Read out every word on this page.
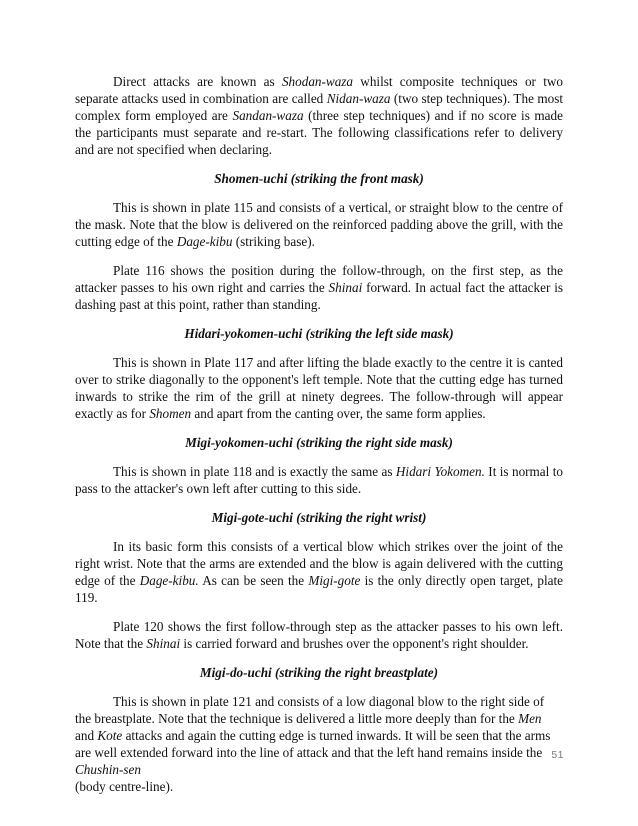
Direct attacks are known as Shodan-waza whilst composite techniques or two separate attacks used in combination are called Nidan-waza (two step techniques). The most complex form employed are Sandan-waza (three step techniques) and if no score is made the participants must separate and re-start. The following classifications refer to delivery and are not specified when declaring.

Shomen-uchi (striking the front mask)

This is shown in plate 115 and consists of a vertical, or straight blow to the centre of the mask. Note that the blow is delivered on the reinforced padding above the grill, with the cutting edge of the Dage-kibu (striking base).

Plate 116 shows the position during the follow-through, on the first step, as the attacker passes to his own right and carries the Shinai forward. In actual fact the attacker is dashing past at this point, rather than standing.

Hidari-yokomen-uchi (striking the left side mask)

This is shown in Plate 117 and after lifting the blade exactly to the centre it is canted over to strike diagonally to the opponent's left temple. Note that the cutting edge has turned inwards to strike the rim of the grill at ninety degrees. The follow-through will appear exactly as for Shomen and apart from the canting over, the same form applies.

Migi-yokomen-uchi (striking the right side mask)

This is shown in plate 118 and is exactly the same as Hidari Yokomen. It is normal to pass to the attacker's own left after cutting to this side.

Migi-gote-uchi (striking the right wrist)

In its basic form this consists of a vertical blow which strikes over the joint of the right wrist. Note that the arms are extended and the blow is again delivered with the cutting edge of the Dage-kibu. As can be seen the Migi-gote is the only directly open target, plate 119.

Plate 120 shows the first follow-through step as the attacker passes to his own left. Note that the Shinai is carried forward and brushes over the opponent's right shoulder.

Migi-do-uchi (striking the right breastplate)

This is shown in plate 121 and consists of a low diagonal blow to the right side of the breastplate. Note that the technique is delivered a little more deeply than for the Men and Kote attacks and again the cutting edge is turned inwards. It will be seen that the arms are well extended forward into the line of attack and that the left hand remains inside the
Chushin-sen
(body centre-line).

51
